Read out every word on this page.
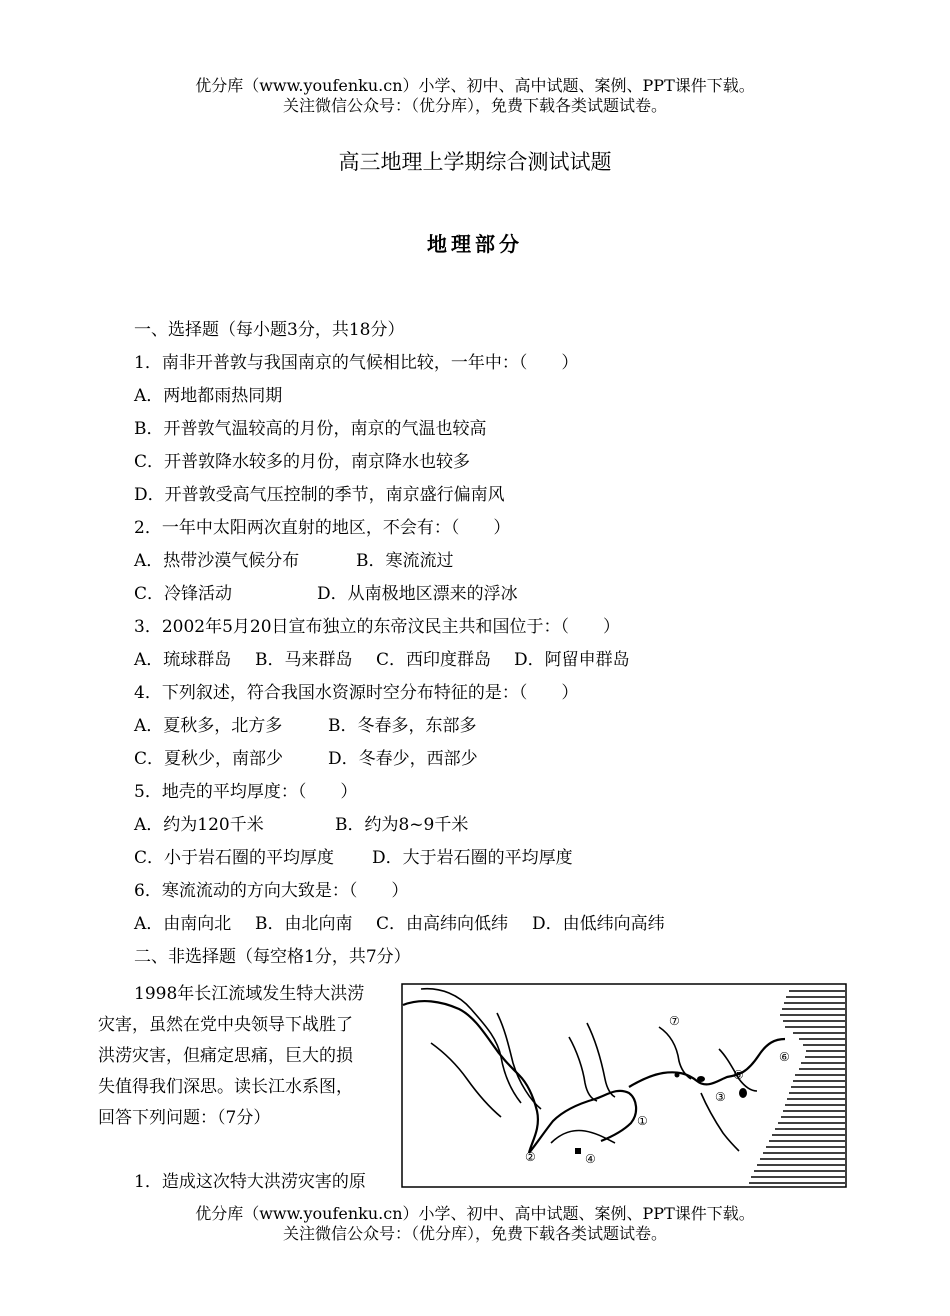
优分库（www.youfenku.cn）小学、初中、高中试题、案例、PPT课件下载。
关注微信公众号：（优分库），免费下载各类试题试卷。
高三地理上学期综合测试试题
地理部分
一、选择题（每小题3分，共18分）
1．南非开普敦与我国南京的气候相比较，一年中：（　　）
A．两地都雨热同期
B．开普敦气温较高的月份，南京的气温也较高
C．开普敦降水较多的月份，南京降水也较多
D．开普敦受高气压控制的季节，南京盛行偏南风
2．一年中太阳两次直射的地区，不会有：（　　）
A．热带沙漠气候分布	B．寒流流过
C．冷锋活动	D．从南极地区漂来的浮冰
3．2002年5月20日宣布独立的东帝汶民主共和国位于：（　　）
A．琉球群岛 B．马来群岛 C．西印度群岛 D．阿留申群岛
4．下列叙述，符合我国水资源时空分布特征的是：（　　）
A．夏秋多，北方多	B．冬春多，东部多
C．夏秋少，南部少	D．冬春少，西部少
5．地壳的平均厚度：（　　）
A．约为120千米	B．约为8~9千米
C．小于岩石圈的平均厚度 D．大于岩石圈的平均厚度
6．寒流流动的方向大致是：（　　）
A．由南向北 B．由北向南 C．由高纬向低纬 D．由低纬向高纬
二、非选择题（每空格1分，共7分）
1998年长江流域发生特大洪涝
灾害，虽然在党中央领导下战胜了
洪涝灾害，但痛定思痛，巨大的损
失值得我们深思。读长江水系图，
回答下列问题：（7分）
1．造成这次特大洪涝灾害的原
①
②
③
④
⑤
⑥
⑦
优分库（www.youfenku.cn）小学、初中、高中试题、案例、PPT课件下载。
关注微信公众号：（优分库），免费下载各类试题试卷。
